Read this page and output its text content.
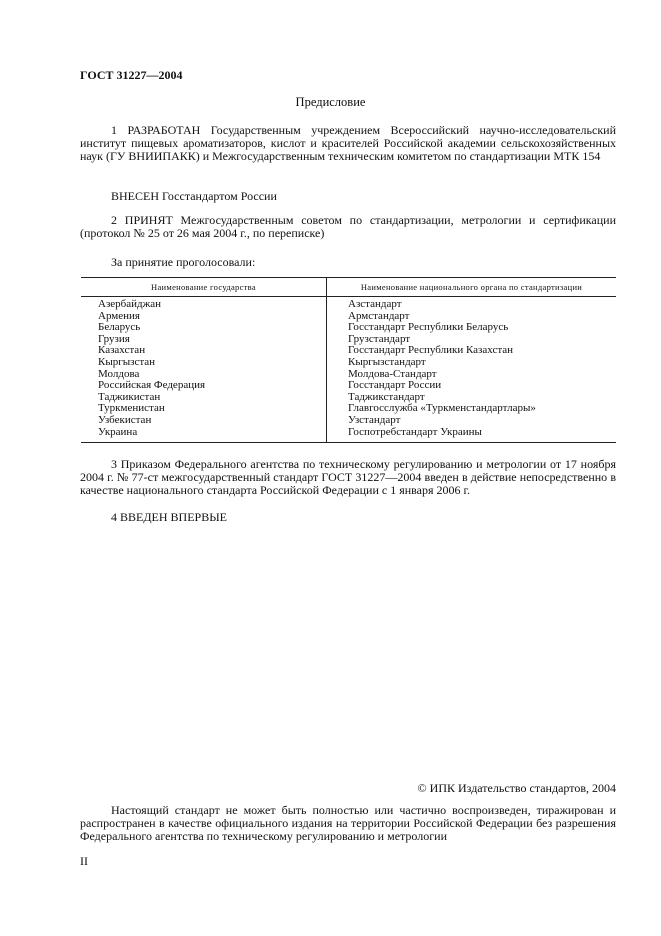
ГОСТ 31227—2004
Предисловие
1 РАЗРАБОТАН Государственным учреждением Всероссийский научно-исследовательский институт пищевых ароматизаторов, кислот и красителей Российской академии сельскохозяйственных наук (ГУ ВНИИПАКК) и Межгосударственным техническим комитетом по стандартизации МТК 154
ВНЕСЕН Госстандартом России
2 ПРИНЯТ Межгосударственным советом по стандартизации, метрологии и сертификации (протокол № 25 от 26 мая 2004 г., по переписке)
За принятие проголосовали:
Наименование государства	Наименование национального органа по стандартизации
Азербайджан	Азстандарт
Армения	Армстандарт
Беларусь	Госстандарт Республики Беларусь
Грузия	Грузстандарт
Казахстан	Госстандарт Республики Казахстан
Кыргызстан	Кыргызстандарт
Молдова	Молдова-Стандарт
Российская Федерация	Госстандарт России
Таджикистан	Таджикстандарт
Туркменистан	Главгосслужба «Туркменстандартлары»
Узбекистан	Узстандарт
Украина	Госпотребстандарт Украины
3 Приказом Федерального агентства по техническому регулированию и метрологии от 17 ноября 2004 г. № 77-ст межгосударственный стандарт ГОСТ 31227—2004 введен в действие непосредственно в качестве национального стандарта Российской Федерации с 1 января 2006 г.
4 ВВЕДЕН ВПЕРВЫЕ
© ИПК Издательство стандартов, 2004
Настоящий стандарт не может быть полностью или частично воспроизведен, тиражирован и распространен в качестве официального издания на территории Российской Федерации без разрешения Федерального агентства по техническому регулированию и метрологии
II
